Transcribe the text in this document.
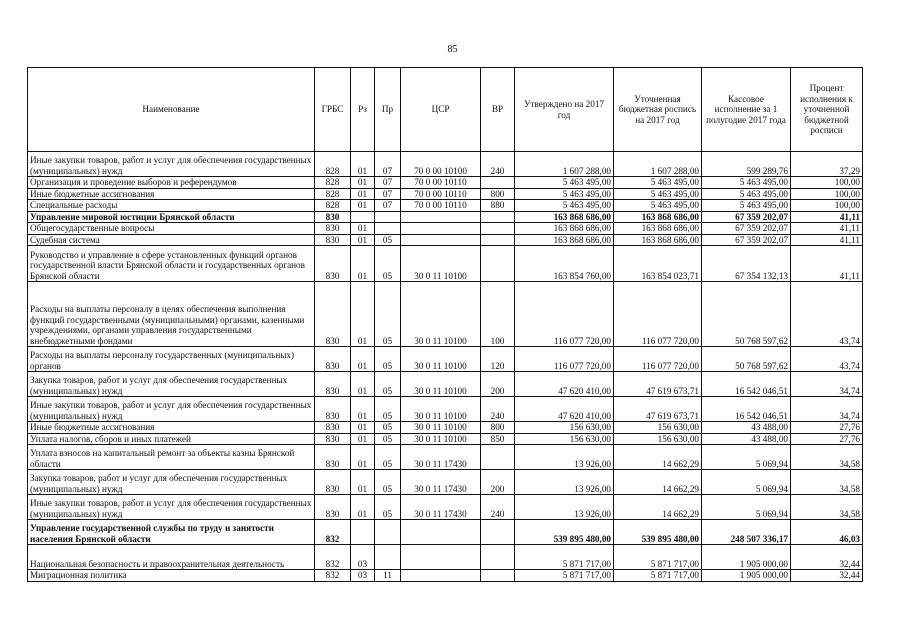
85
Наименование	ГРБС	Рз	Пр	ЦСР	ВР	Утверждено на 2017 год	Уточненная бюджетная роспись на 2017 год	Кассовое исполнение за 1 полугодие 2017 года	Процент исполнения к уточненной бюджетной росписи
Иные закупки товаров, работ и услуг для обеспечения государственных (муниципальных) нужд	828	01	07	70 0 00 10100	240	1 607 288,00	1 607 288,00	599 289,76	37,29
Организация и проведение выборов и референдумов	828	01	07	70 0 00 10110		5 463 495,00	5 463 495,00	5 463 495,00	100,00
Иные бюджетные ассигнования	828	01	07	70 0 00 10110	800	5 463 495,00	5 463 495,00	5 463 495,00	100,00
Специальные расходы	828	01	07	70 0 00 10110	880	5 463 495,00	5 463 495,00	5 463 495,00	100,00
Управление мировой юстиции Брянской области	830					163 868 686,00	163 868 686,00	67 359 202,07	41,11
Общегосударственные вопросы	830	01				163 868 686,00	163 868 686,00	67 359 202,07	41,11
Судебная система	830	01	05			163 868 686,00	163 868 686,00	67 359 202,07	41,11
Руководство и управление в сфере установленных функций органов государственной власти Брянской области и государственных органов Брянской области	830	01	05	30 0 11 10100		163 854 760,00	163 854 023,71	67 354 132,13	41,11
Расходы на выплаты персоналу в целях обеспечения выполнения функций государственными (муниципальными) органами, казенными учреждениями, органами управления государственными внебюджетными фондами	830	01	05	30 0 11 10100	100	116 077 720,00	116 077 720,00	50 768 597,62	43,74
Расходы на выплаты персоналу государственных (муниципальных) органов	830	01	05	30 0 11 10100	120	116 077 720,00	116 077 720,00	50 768 597,62	43,74
Закупка товаров, работ и услуг для обеспечения государственных (муниципальных) нужд	830	01	05	30 0 11 10100	200	47 620 410,00	47 619 673,71	16 542 046,51	34,74
Иные закупки товаров, работ и услуг для обеспечения государственных (муниципальных) нужд	830	01	05	30 0 11 10100	240	47 620 410,00	47 619 673,71	16 542 046,51	34,74
Иные бюджетные ассигнования	830	01	05	30 0 11 10100	800	156 630,00	156 630,00	43 488,00	27,76
Уплата налогов, сборов и иных платежей	830	01	05	30 0 11 10100	850	156 630,00	156 630,00	43 488,00	27,76
Уплата взносов на капитальный ремонт за объекты казны Брянской области	830	01	05	30 0 11 17430		13 926,00	14 662,29	5 069,94	34,58
Закупка товаров, работ и услуг для обеспечения государственных (муниципальных) нужд	830	01	05	30 0 11 17430	200	13 926,00	14 662,29	5 069,94	34,58
Иные закупки товаров, работ и услуг для обеспечения государственных (муниципальных) нужд	830	01	05	30 0 11 17430	240	13 926,00	14 662,29	5 069,94	34,58
Управление государственной службы по труду и занятости населения Брянской области	832					539 895 480,00	539 895 480,00	248 507 336,17	46,03
Национальная безопасность и правоохранительная деятельность	832	03				5 871 717,00	5 871 717,00	1 905 000,00	32,44
Миграционная политика	832	03	11			5 871 717,00	5 871 717,00	1 905 000,00	32,44
